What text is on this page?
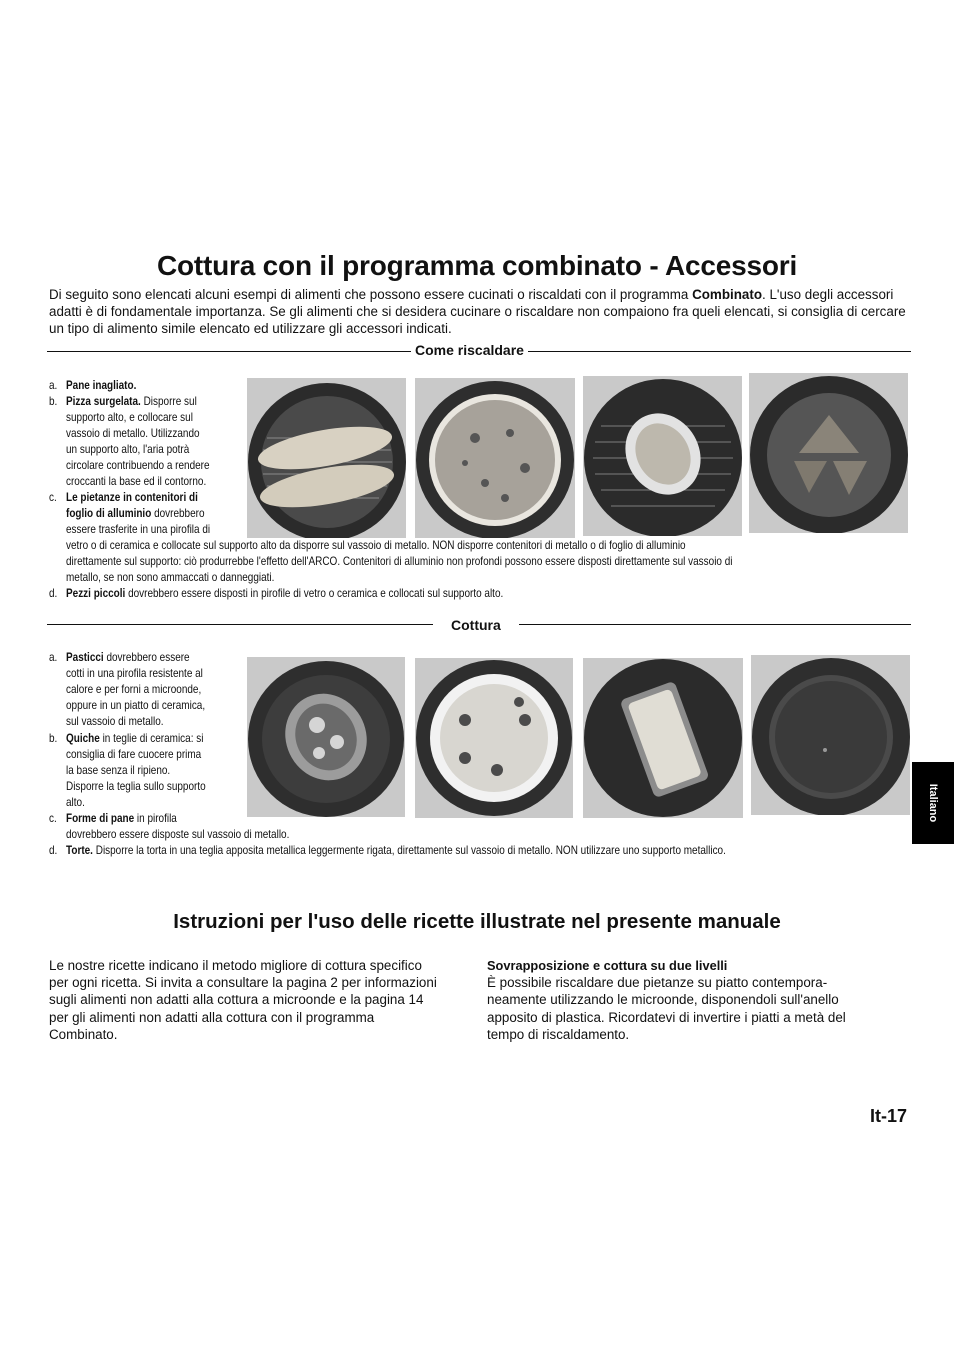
Cottura con il programma combinato - Accessori

Di seguito sono elencati alcuni esempi di alimenti che possono essere cucinati o riscaldati con il programma Combinato. L'uso degli accessori adatti è di fondamentale importanza. Se gli alimenti che si desidera cucinare o riscaldare non compaiono fra queli elencati, si consiglia di cercare un tipo di alimento simile elencato ed utilizzare gli accessori indicati.

Come riscaldare
a. Pane inagliato.
b. Pizza surgelata. Disporre sul
supporto alto, e collocare sul
vassoio di metallo. Utilizzando
un supporto alto, l'aria potrà
circolare contribuendo a rendere
croccanti la base ed il contorno.
c. Le pietanze in contenitori di
foglio di alluminio dovrebbero
essere trasferite in una pirofila di
vetro o di ceramica e collocate sul supporto alto da disporre sul vassoio di metallo. NON disporre contenitori di metallo o di foglio di alluminio
direttamente sul supporto: ciò produrrebbe l'effetto dell'ARCO. Contenitori di alluminio non profondi possono essere disposti direttamente sul vassoio di
metallo, se non sono ammaccati o danneggiati.
d. Pezzi piccoli dovrebbero essere disposti in pirofile di vetro o ceramica e collocati sul supporto alto.
Cottura
a. Pasticci dovrebbero essere
cotti in una pirofila resistente al
calore e per forni a microonde,
oppure in un piatto di ceramica,
sul vassoio di metallo.
b. Quiche in teglie di ceramica: si
consiglia di fare cuocere prima
la base senza il ripieno.
Disporre la teglia sullo supporto
alto.
c. Forme di pane in pirofila
dovrebbero essere disposte sul vassoio di metallo.
d. Torte. Disporre la torta in una teglia apposita metallica leggermente rigata, direttamente sul vassoio di metallo. NON utilizzare uno supporto metallico.
Italiano
Istruzioni per l'uso delle ricette illustrate nel presente manuale
Le nostre ricette indicano il metodo migliore di cottura specifico
per ogni ricetta. Si invita a consultare la pagina 2 per informazioni
sugli alimenti non adatti alla cottura a microonde e la pagina 14
per gli alimenti non adatti alla cottura con il programma
Combinato.
Sovrapposizione e cottura su due livelli
È possibile riscaldare due pietanze su piatto contempora-
neamente utilizzando le microonde, disponendoli sull'anello
apposito di plastica. Ricordatevi di invertire i piatti a metà del
tempo di riscaldamento.
It-17
